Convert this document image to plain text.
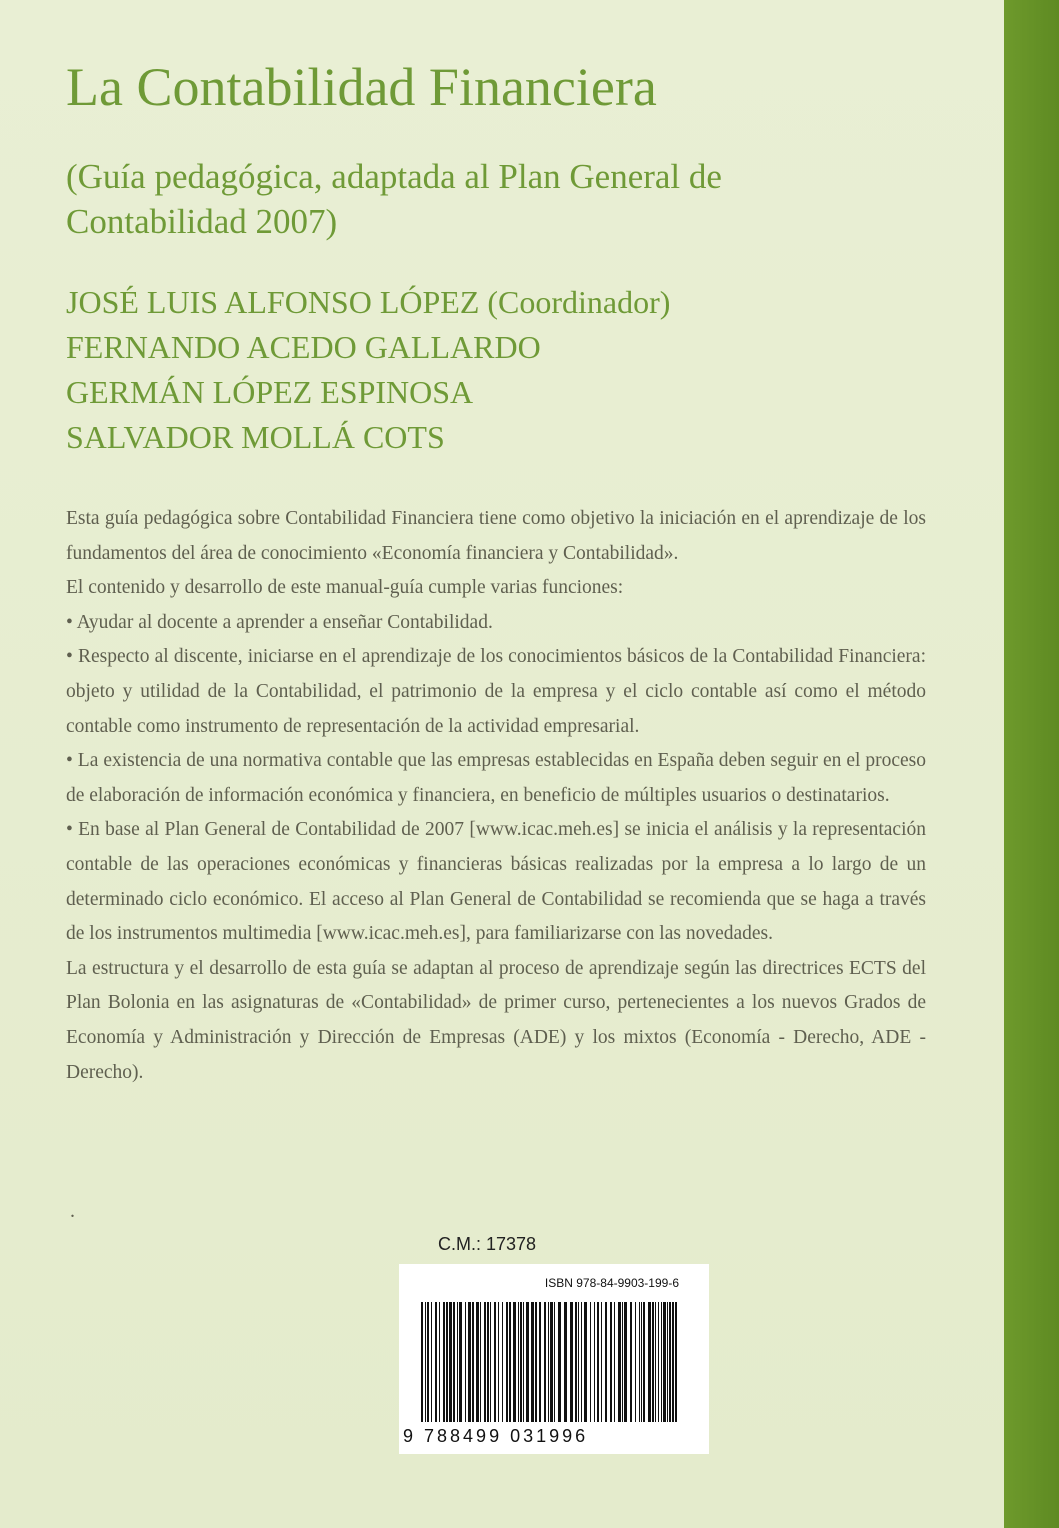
La Contabilidad Financiera

(Guía pedagógica, adaptada al Plan General de Contabilidad 2007)

JOSÉ LUIS ALFONSO LÓPEZ (Coordinador)
FERNANDO ACEDO GALLARDO
GERMÁN LÓPEZ ESPINOSA
SALVADOR MOLLÁ COTS

Esta guía pedagógica sobre Contabilidad Financiera tiene como objetivo la iniciación en el aprendizaje de los fundamentos del área de conocimiento «Economía financiera y Contabilidad».

El contenido y desarrollo de este manual-guía cumple varias funciones:

• Ayudar al docente a aprender a enseñar Contabilidad.

• Respecto al discente, iniciarse en el aprendizaje de los conocimientos básicos de la Contabilidad Financiera: objeto y utilidad de la Contabilidad, el patrimonio de la empresa y el ciclo contable así como el método contable como instrumento de representación de la actividad empresarial.

• La existencia de una normativa contable que las empresas establecidas en España deben seguir en el proceso de elaboración de información económica y financiera, en beneficio de múltiples usuarios o destinatarios.

• En base al Plan General de Contabilidad de 2007 [www.icac.meh.es] se inicia el análisis y la representación contable de las operaciones económicas y financieras básicas realizadas por la empresa a lo largo de un determinado ciclo económico. El acceso al Plan General de Contabilidad se recomienda que se haga a través de los instrumentos multimedia [www.icac.meh.es], para familiarizarse con las novedades.

La estructura y el desarrollo de esta guía se adaptan al proceso de aprendizaje según las directrices ECTS del Plan Bolonia en las asignaturas de «Contabilidad» de primer curso, pertenecientes a los nuevos Grados de Economía y Administración y Dirección de Empresas (ADE) y los mixtos (Economía - Derecho, ADE - Derecho).

.
C.M.: 17378
ISBN 978-84-9903-199-6
9 788499 031996
